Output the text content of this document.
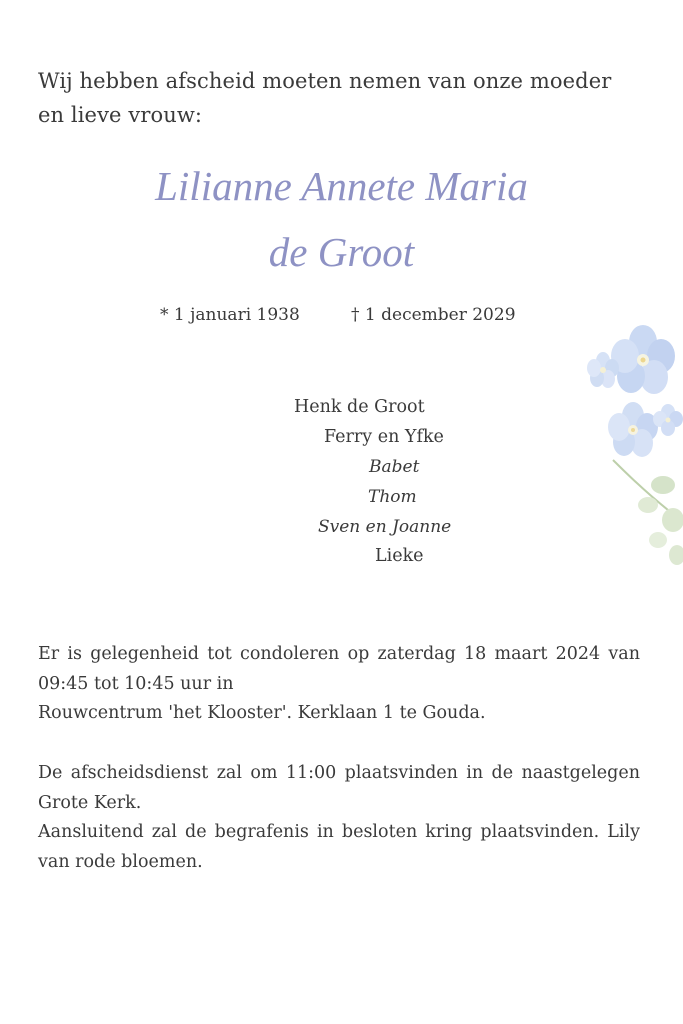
Wij hebben afscheid moeten nemen van onze moeder en lieve vrouw:
Lilianne Annete Maria
de Groot
* 1 januari 1938	† 1 december 2029
Henk de Groot
Ferry en Yfke
Babet
Thom
Sven en Joanne
Lieke
Er is gelegenheid tot condoleren op zaterdag 18 maart 2024 van 09:45 tot 10:45 uur in
Rouwcentrum 'het Klooster'. Kerklaan 1 te Gouda.
De afscheidsdienst zal om 11:00 plaatsvinden in de naastgelegen Grote Kerk.
Aansluitend zal de begrafenis in besloten kring plaatsvinden. Lily van rode bloemen.
